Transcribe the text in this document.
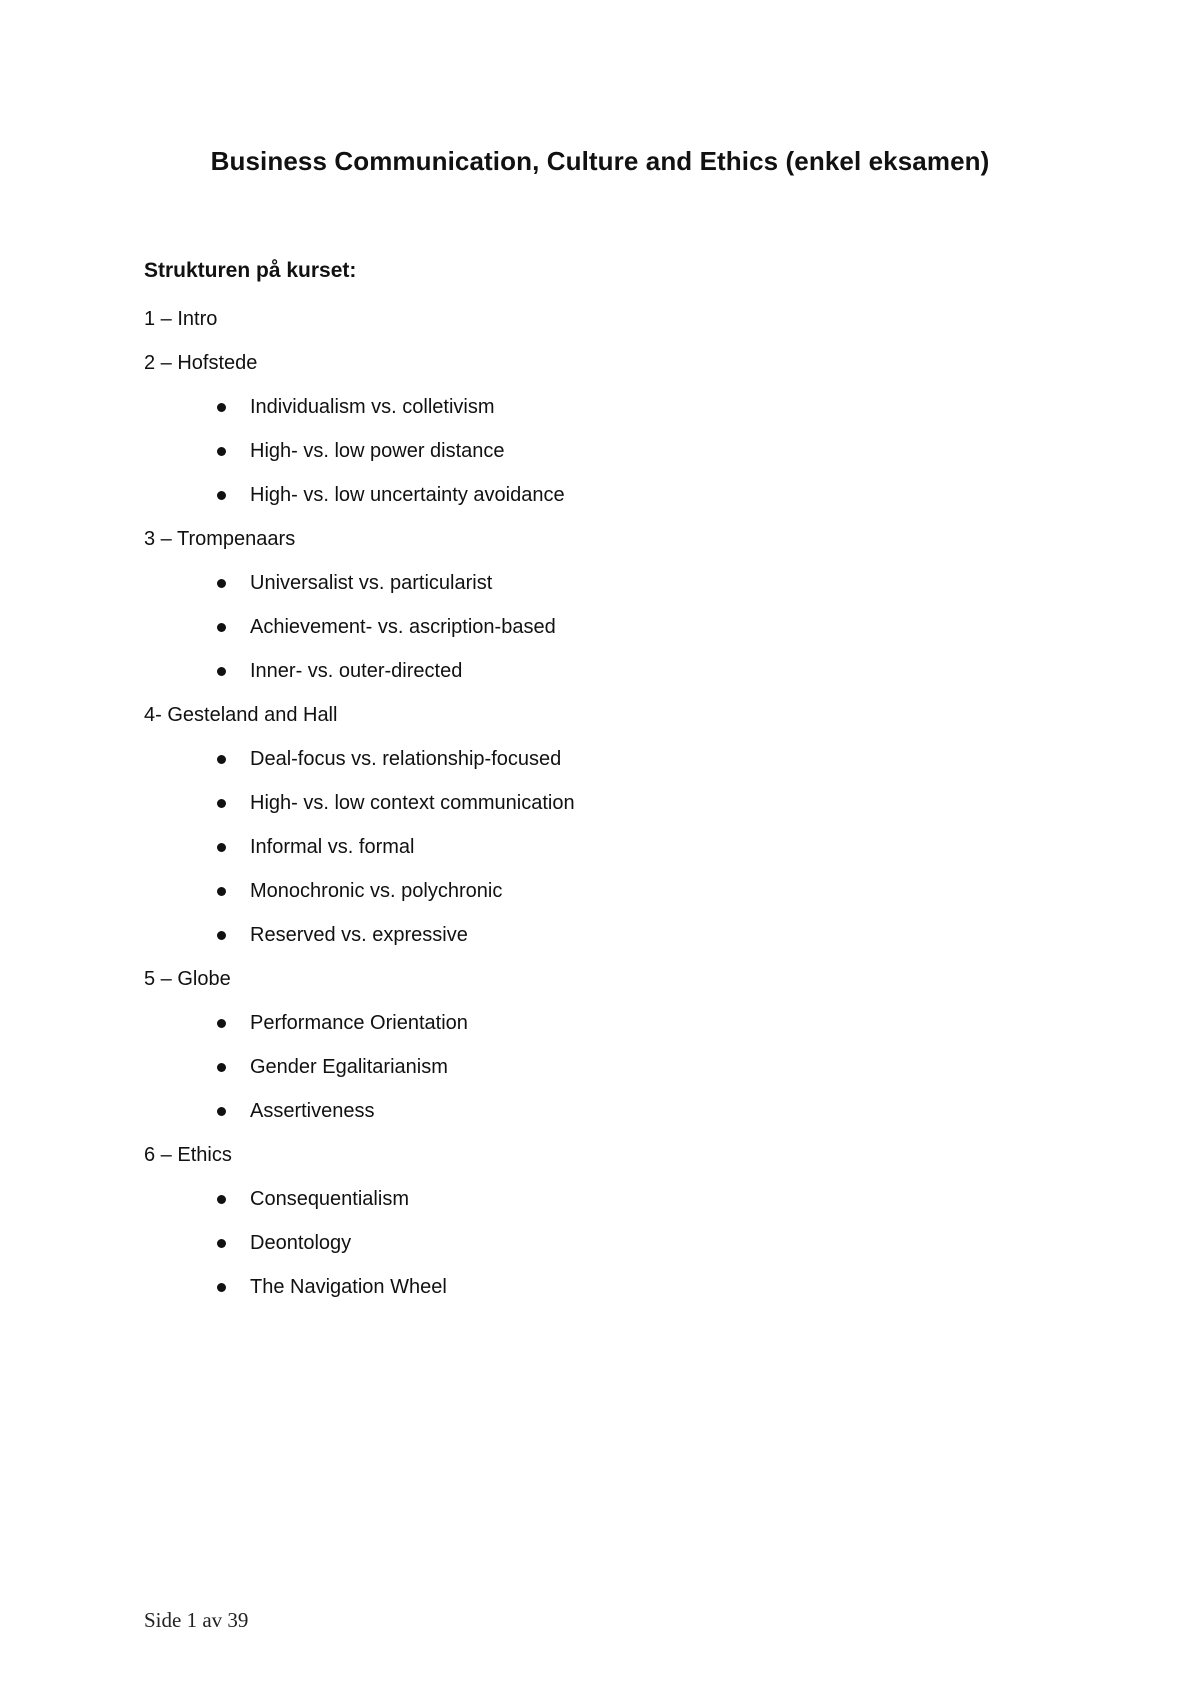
Business Communication, Culture and Ethics (enkel eksamen)
Strukturen på kurset:
1 – Intro
2 – Hofstede
Individualism vs. colletivism
High- vs. low power distance
High- vs. low uncertainty avoidance
3 – Trompenaars
Universalist vs. particularist
Achievement- vs. ascription-based
Inner- vs. outer-directed
4- Gesteland and Hall
Deal-focus vs. relationship-focused
High- vs. low context communication
Informal vs. formal
Monochronic vs. polychronic
Reserved vs. expressive
5 – Globe
Performance Orientation
Gender Egalitarianism
Assertiveness
6 – Ethics
Consequentialism
Deontology
The Navigation Wheel
Side 1 av 39
